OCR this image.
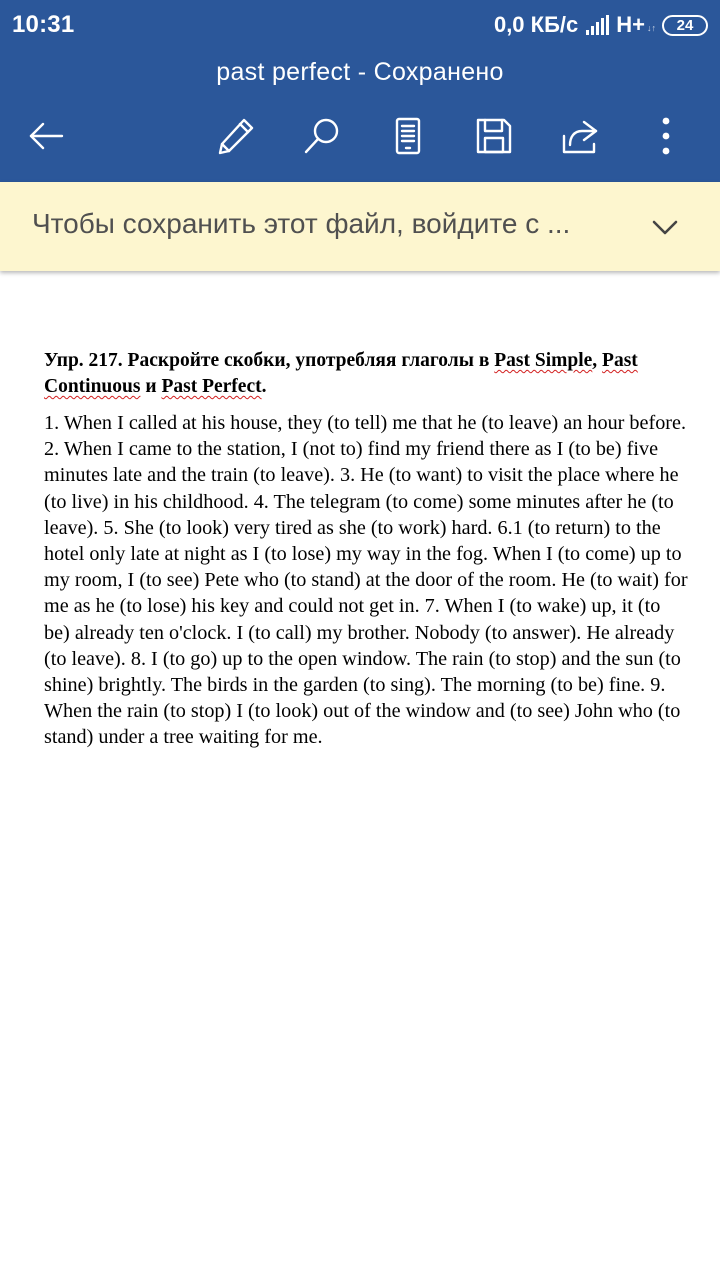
10:31	0,0 КБ/с H+ ↓↑ 24
past perfect - Сохранено
Чтобы сохранить этот файл, войдите с ...

Упр. 217. Раскройте скобки, употребляя глаголы в Past Simple, Past Continuous и Past Perfect.

1. When I called at his house, they (to tell) me that he (to leave) an hour before. 2. When I came to the station, I (not to) find my friend there as I (to be) five minutes late and the train (to leave). 3. He (to want) to visit the place where he (to live) in his childhood. 4. The telegram (to come) some minutes after he (to leave). 5. She (to look) very tired as she (to work) hard. 6.1 (to return) to the hotel only late at night as I (to lose) my way in the fog. When I (to come) up to my room, I (to see) Pete who (to stand) at the door of the room. He (to wait) for me as he (to lose) his key and could not get in. 7. When I (to wake) up, it (to be) already ten o'clock. I (to call) my brother. Nobody (to answer). He already (to leave). 8. I (to go) up to the open window. The rain (to stop) and the sun (to shine) brightly. The birds in the garden (to sing). The morning (to be) fine. 9. When the rain (to stop) I (to look) out of the window and (to see) John who (to stand) under a tree waiting for me.
